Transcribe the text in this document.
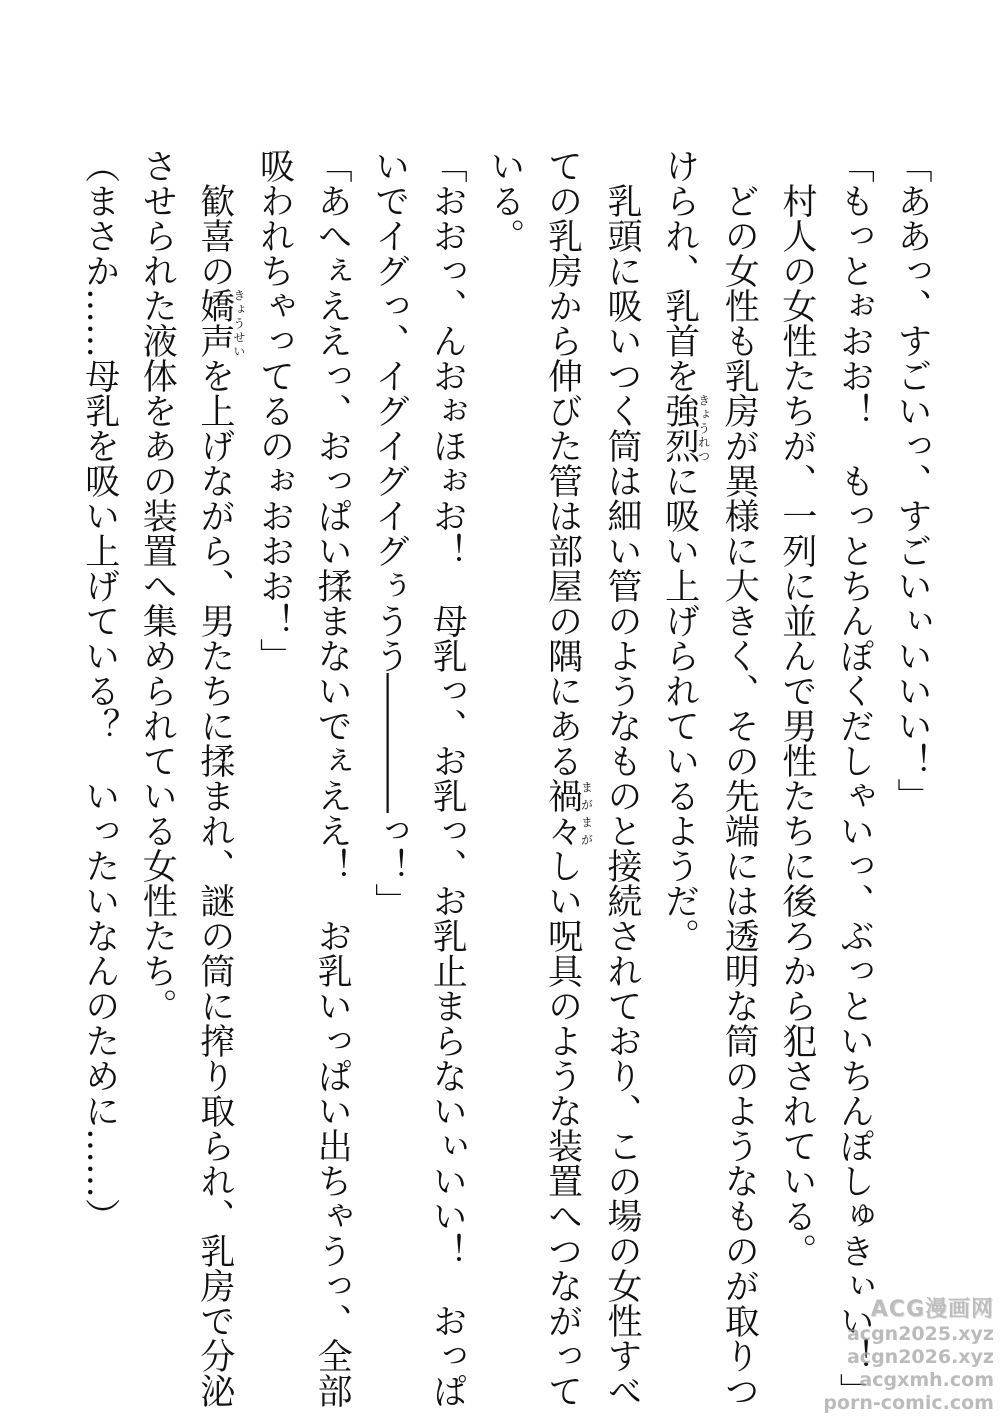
「ああっ、すごいっ、すごいぃいいい！」
「もっとぉおお！　もっとちんぽくだしゃいっ、ぶっといちんぽしゅきぃい！」
村人の女性たちが、一列に並んで男性たちに後ろから犯されている。
どの女性も乳房が異様に大きく、その先端には透明な筒のようなものが取りつ
けられ、乳首を強烈きょうれつに吸い上げられているようだ。
乳頭に吸いつく筒は細い管のようなものと接続されており、この場の女性すべ
ての乳房から伸びた管は部屋の隅にある禍々まがまがしい呪具のような装置へつながって
いる。
「おおっ、んおぉほぉお！　母乳っ、お乳っ、お乳止まらないぃいい！　おっぱ
いでイグっ、イグイグイグぅうう――――っ！」
「あへぇええっ、おっぱい揉まないでぇええ！　お乳いっぱい出ちゃうっ、全部
吸われちゃってるのぉおおお！」
歓喜の嬌声きょうせいを上げながら、男たちに揉まれ、謎の筒に搾り取られ、乳房で分泌
させられた液体をあの装置へ集められている女性たち。
（まさか……母乳を吸い上げている？　いったいなんのために……）
ACG漫画网
acgn2025.xyz
acgn2026.xyz
acgxmh.com
porn-comic.com
